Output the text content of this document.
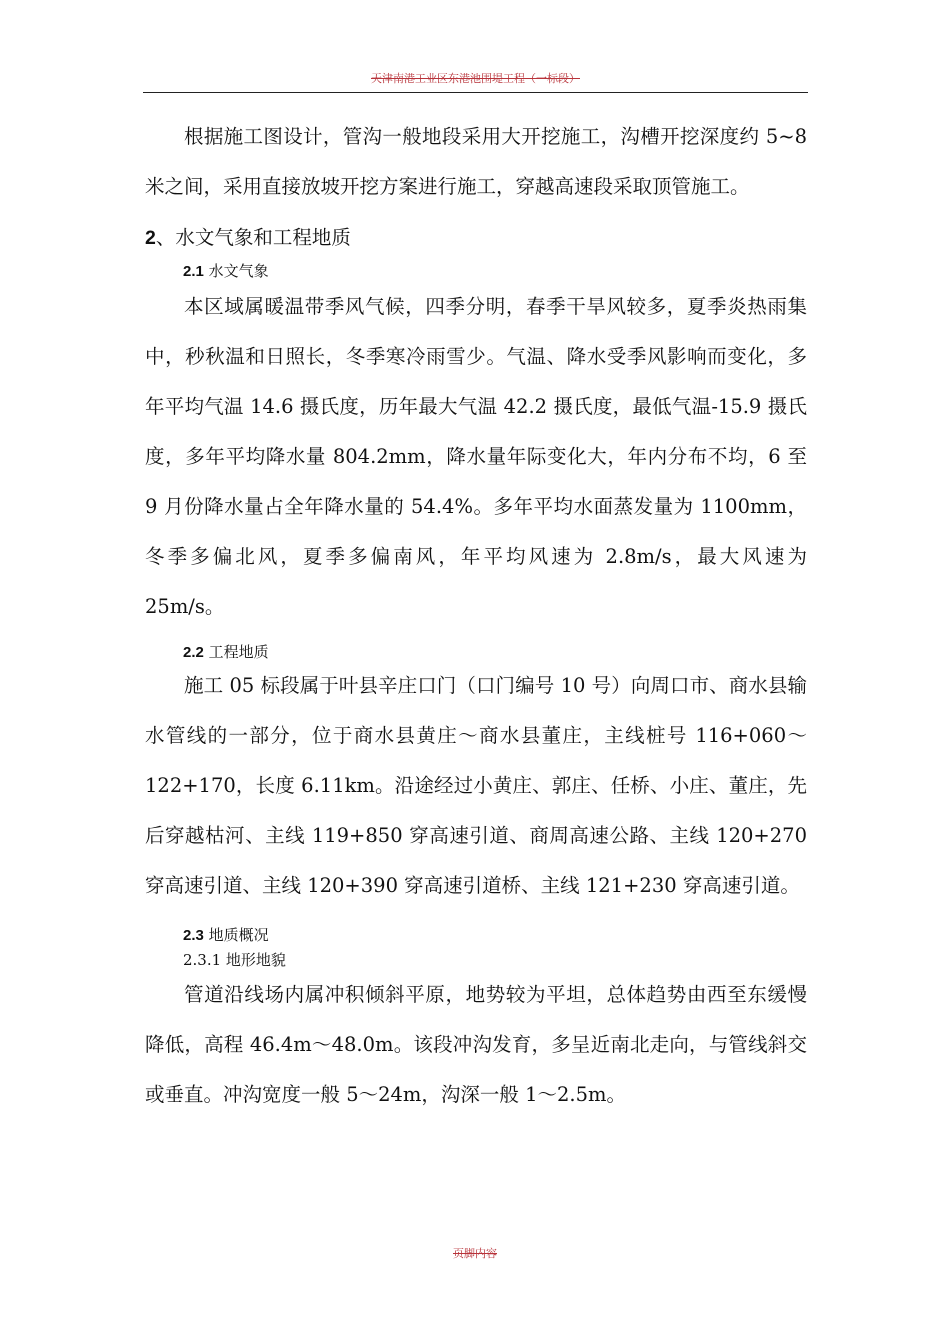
天津南港工业区东港池围堤工程（一标段）

根据施工图设计，管沟一般地段采用大开挖施工，沟槽开挖深度约 5~8 米之间，采用直接放坡开挖方案进行施工，穿越高速段采取顶管施工。

2、水文气象和工程地质

2.1 水文气象

本区域属暖温带季风气候，四季分明，春季干旱风较多，夏季炎热雨集中，秒秋温和日照长，冬季寒冷雨雪少。气温、降水受季风影响而变化，多年平均气温 14.6 摄氏度，历年最大气温 42.2 摄氏度，最低气温-15.9 摄氏度，多年平均降水量 804.2mm，降水量年际变化大，年内分布不均，6 至 9 月份降水量占全年降水量的 54.4%。多年平均水面蒸发量为 1100mm，冬季多偏北风，夏季多偏南风，年平均风速为 2.8m/s，最大风速为 25m/s。

2.2 工程地质

施工 05 标段属于叶县辛庄口门（口门编号 10 号）向周口市、商水县输水管线的一部分，位于商水县黄庄～商水县董庄，主线桩号 116+060～122+170，长度 6.11km。沿途经过小黄庄、郭庄、任桥、小庄、董庄，先后穿越枯河、主线 119+850 穿高速引道、商周高速公路、主线 120+270 穿高速引道、主线 120+390 穿高速引道桥、主线 121+230 穿高速引道。

2.3 地质概况

2.3.1 地形地貌

管道沿线场内属冲积倾斜平原，地势较为平坦，总体趋势由西至东缓慢降低，高程 46.4m～48.0m。该段冲沟发育，多呈近南北走向，与管线斜交或垂直。冲沟宽度一般 5～24m，沟深一般 1～2.5m。

页脚内容
